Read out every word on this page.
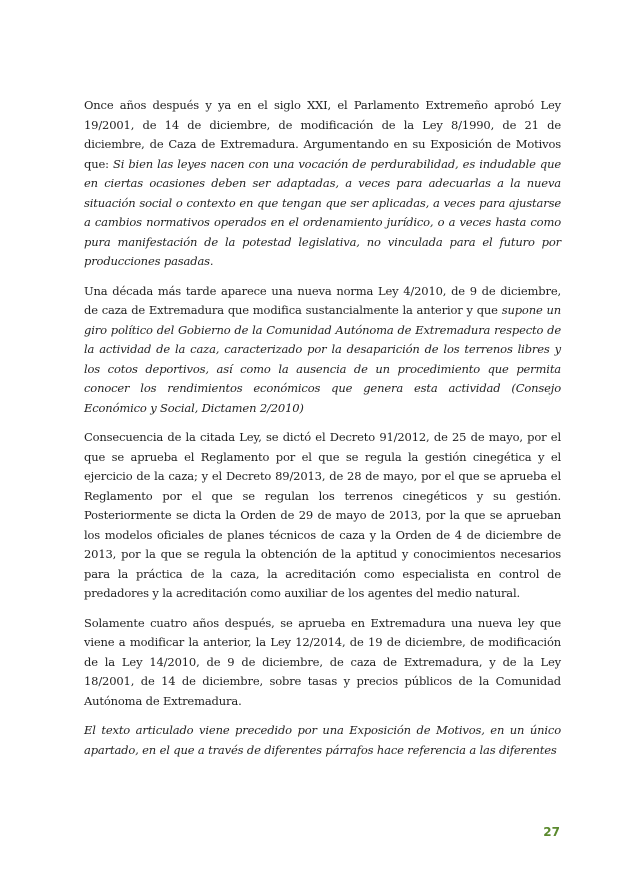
Once años después y ya en el siglo XXI, el Parlamento Extremeño aprobó Ley 19/2001, de 14 de diciembre, de modificación de la Ley 8/1990, de 21 de diciembre, de Caza de Extremadura. Argumentando en su Exposición de Motivos que: Si bien las leyes nacen con una vocación de perdurabilidad, es indudable que en ciertas ocasiones deben ser adaptadas, a veces para adecuarlas a la nueva situación social o contexto en que tengan que ser aplicadas, a veces para ajustarse a cambios normativos operados en el ordenamiento jurídico, o a veces hasta como pura manifestación de la potestad legislativa, no vinculada para el futuro por producciones pasadas.

Una década más tarde aparece una nueva norma Ley 4/2010, de 9 de diciembre, de caza de Extremadura que modifica sustancialmente la anterior y que supone un giro político del Gobierno de la Comunidad Autónoma de Extremadura respecto de la actividad de la caza, caracterizado por la desaparición de los terrenos libres y los cotos deportivos, así como la ausencia de un procedimiento que permita conocer los rendimientos económicos que genera esta actividad (Consejo Económico y Social, Dictamen 2/2010)

Consecuencia de la citada Ley, se dictó el Decreto 91/2012, de 25 de mayo, por el que se aprueba el Reglamento por el que se regula la gestión cinegética y el ejercicio de la caza; y el Decreto 89/2013, de 28 de mayo, por el que se aprueba el Reglamento por el que se regulan los terrenos cinegéticos y su gestión. Posteriormente se dicta la Orden de 29 de mayo de 2013, por la que se aprueban los modelos oficiales de planes técnicos de caza y la Orden de 4 de diciembre de 2013, por la que se regula la obtención de la aptitud y conocimientos necesarios para la práctica de la caza, la acreditación como especialista en control de predadores y la acreditación como auxiliar de los agentes del medio natural.

Solamente cuatro años después, se aprueba en Extremadura una nueva ley que viene a modificar la anterior, la Ley 12/2014, de 19 de diciembre, de modificación de la Ley 14/2010, de 9 de diciembre, de caza de Extremadura, y de la Ley 18/2001, de 14 de diciembre, sobre tasas y precios públicos de la Comunidad Autónoma de Extremadura.

El texto articulado viene precedido por una Exposición de Motivos, en un único apartado, en el que a través de diferentes párrafos hace referencia a las diferentes

27
